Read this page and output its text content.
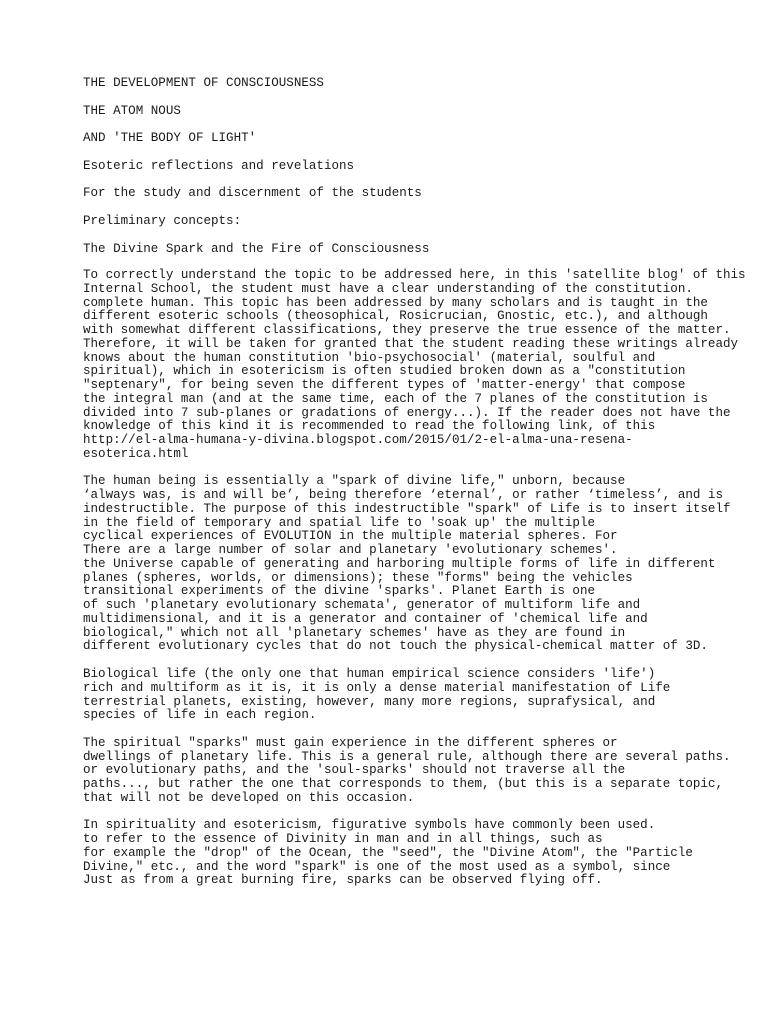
THE DEVELOPMENT OF CONSCIOUSNESS
THE ATOM NOUS
AND 'THE BODY OF LIGHT'
Esoteric reflections and revelations
For the study and discernment of the students
Preliminary concepts:
The Divine Spark and the Fire of Consciousness
To correctly understand the topic to be addressed here, in this 'satellite blog' of this
Internal School, the student must have a clear understanding of the constitution.
complete human. This topic has been addressed by many scholars and is taught in the
different esoteric schools (theosophical, Rosicrucian, Gnostic, etc.), and although
with somewhat different classifications, they preserve the true essence of the matter.
Therefore, it will be taken for granted that the student reading these writings already
knows about the human constitution 'bio-psychosocial' (material, soulful and
spiritual), which in esotericism is often studied broken down as a "constitution
"septenary", for being seven the different types of 'matter-energy' that compose
the integral man (and at the same time, each of the 7 planes of the constitution is
divided into 7 sub-planes or gradations of energy...). If the reader does not have the
knowledge of this kind it is recommended to read the following link, of this
http://el-alma-humana-y-divina.blogspot.com/2015/01/2-el-alma-una-resena-
esoterica.html
The human being is essentially a "spark of divine life," unborn, because
‘always was, is and will be’, being therefore ‘eternal’, or rather ‘timeless’, and is
indestructible. The purpose of this indestructible "spark" of Life is to insert itself
in the field of temporary and spatial life to 'soak up' the multiple
cyclical experiences of EVOLUTION in the multiple material spheres. For
There are a large number of solar and planetary 'evolutionary schemes'.
the Universe capable of generating and harboring multiple forms of life in different
planes (spheres, worlds, or dimensions); these "forms" being the vehicles
transitional experiments of the divine 'sparks'. Planet Earth is one
of such 'planetary evolutionary schemata', generator of multiform life and
multidimensional, and it is a generator and container of 'chemical life and
biological," which not all 'planetary schemes' have as they are found in
different evolutionary cycles that do not touch the physical-chemical matter of 3D.
Biological life (the only one that human empirical science considers 'life')
rich and multiform as it is, it is only a dense material manifestation of Life
terrestrial planets, existing, however, many more regions, suprafysical, and
species of life in each region.
The spiritual "sparks" must gain experience in the different spheres or
dwellings of planetary life. This is a general rule, although there are several paths.
or evolutionary paths, and the 'soul-sparks' should not traverse all the
paths..., but rather the one that corresponds to them, (but this is a separate topic,
that will not be developed on this occasion.
In spirituality and esotericism, figurative symbols have commonly been used.
to refer to the essence of Divinity in man and in all things, such as
for example the "drop" of the Ocean, the "seed", the "Divine Atom", the "Particle
Divine," etc., and the word "spark" is one of the most used as a symbol, since
Just as from a great burning fire, sparks can be observed flying off.
